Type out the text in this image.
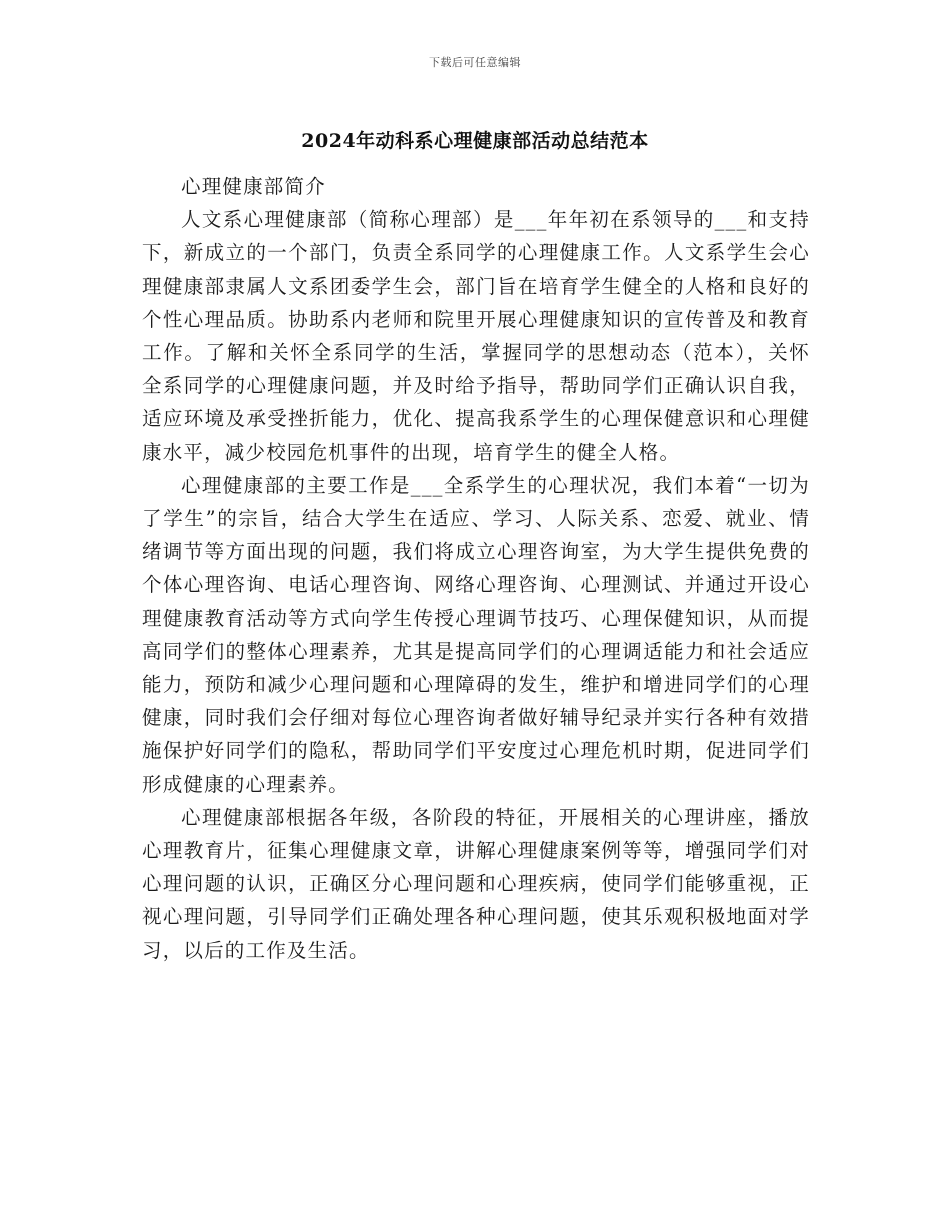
下载后可任意编辑
2024年动科系心理健康部活动总结范本

心理健康部简介

人文系心理健康部（简称心理部）是___年年初在系领导的___和支持下，新成立的一个部门，负责全系同学的心理健康工作。人文系学生会心理健康部隶属人文系团委学生会，部门旨在培育学生健全的人格和良好的个性心理品质。协助系内老师和院里开展心理健康知识的宣传普及和教育工作。了解和关怀全系同学的生活，掌握同学的思想动态（范本），关怀全系同学的心理健康问题，并及时给予指导，帮助同学们正确认识自我，适应环境及承受挫折能力，优化、提高我系学生的心理保健意识和心理健康水平，减少校园危机事件的出现，培育学生的健全人格。

心理健康部的主要工作是___全系学生的心理状况，我们本着“一切为了学生”的宗旨，结合大学生在适应、学习、人际关系、恋爱、就业、情绪调节等方面出现的问题，我们将成立心理咨询室，为大学生提供免费的个体心理咨询、电话心理咨询、网络心理咨询、心理测试、并通过开设心理健康教育活动等方式向学生传授心理调节技巧、心理保健知识，从而提高同学们的整体心理素养，尤其是提高同学们的心理调适能力和社会适应能力，预防和减少心理问题和心理障碍的发生，维护和增进同学们的心理健康，同时我们会仔细对每位心理咨询者做好辅导纪录并实行各种有效措施保护好同学们的隐私，帮助同学们平安度过心理危机时期，促进同学们形成健康的心理素养。

心理健康部根据各年级，各阶段的特征，开展相关的心理讲座，播放心理教育片，征集心理健康文章，讲解心理健康案例等等，增强同学们对心理问题的认识，正确区分心理问题和心理疾病，使同学们能够重视，正视心理问题，引导同学们正确处理各种心理问题，使其乐观积极地面对学习，以后的工作及生活。
